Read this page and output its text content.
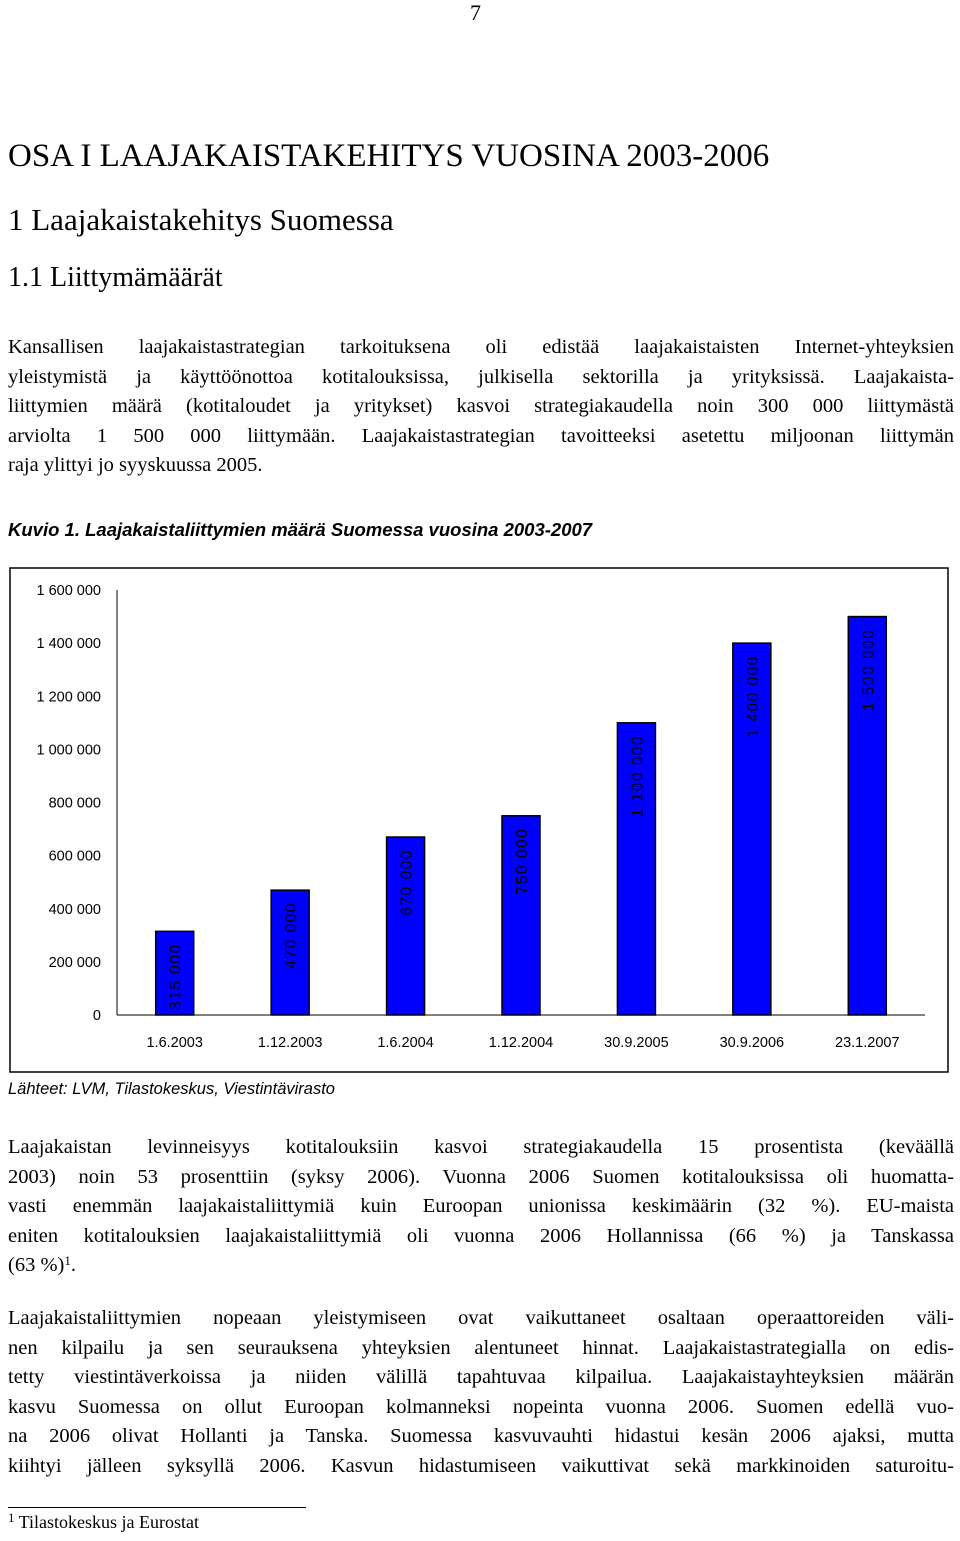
7
OSA I LAAJAKAISTAKEHITYS VUOSINA 2003-2006
1 Laajakaistakehitys Suomessa
1.1 Liittymämäärät
Kansallisen laajakaistastrategian tarkoituksena oli edistää laajakaistaisten Internet-yhteyksien
yleistymistä ja käyttöönottoa kotitalouksissa, julkisella sektorilla ja yrityksissä. Laajakaista-
liittymien määrä (kotitaloudet ja yritykset) kasvoi strategiakaudella noin 300 000 liittymästä
arviolta 1 500 000 liittymään. Laajakaistastrategian tavoitteeksi asetettu miljoonan liittymän
raja ylittyi jo syyskuussa 2005.
Kuvio 1. Laajakaistaliittymien määrä Suomessa vuosina 2003-2007
0
200 000
400 000
600 000
800 000
1 000 000
1 200 000
1 400 000
1 600 000
315 000
470 000
670 000	750 000
1 100 000
1 400 000	1 500 000
1.6.2003	1.12.2003	1.6.2004	1.12.2004	30.9.2005	30.9.2006	23.1.2007
Lähteet: LVM, Tilastokeskus, Viestintävirasto
Laajakaistan levinneisyys kotitalouksiin kasvoi strategiakaudella 15 prosentista (keväällä
2003) noin 53 prosenttiin (syksy 2006). Vuonna 2006 Suomen kotitalouksissa oli huomatta-
vasti enemmän laajakaistaliittymiä kuin Euroopan unionissa keskimäärin (32 %). EU-maista
eniten kotitalouksien laajakaistaliittymiä oli vuonna 2006 Hollannissa (66 %) ja Tanskassa
(63 %)$^1$.
Laajakaistaliittymien nopeaan yleistymiseen ovat vaikuttaneet osaltaan operaattoreiden väli-
nen kilpailu ja sen seurauksena yhteyksien alentuneet hinnat. Laajakaistastrategialla on edis-
tetty viestintäverkoissa ja niiden välillä tapahtuvaa kilpailua. Laajakaistayhteyksien määrän
kasvu Suomessa on ollut Euroopan kolmanneksi nopeinta vuonna 2006. Suomen edellä vuo-
na 2006 olivat Hollanti ja Tanska. Suomessa kasvuvauhti hidastui kesän 2006 ajaksi, mutta
kiihtyi jälleen syksyllä 2006. Kasvun hidastumiseen vaikuttivat sekä markkinoiden saturoitu-
$^1$ Tilastokeskus ja Eurostat
